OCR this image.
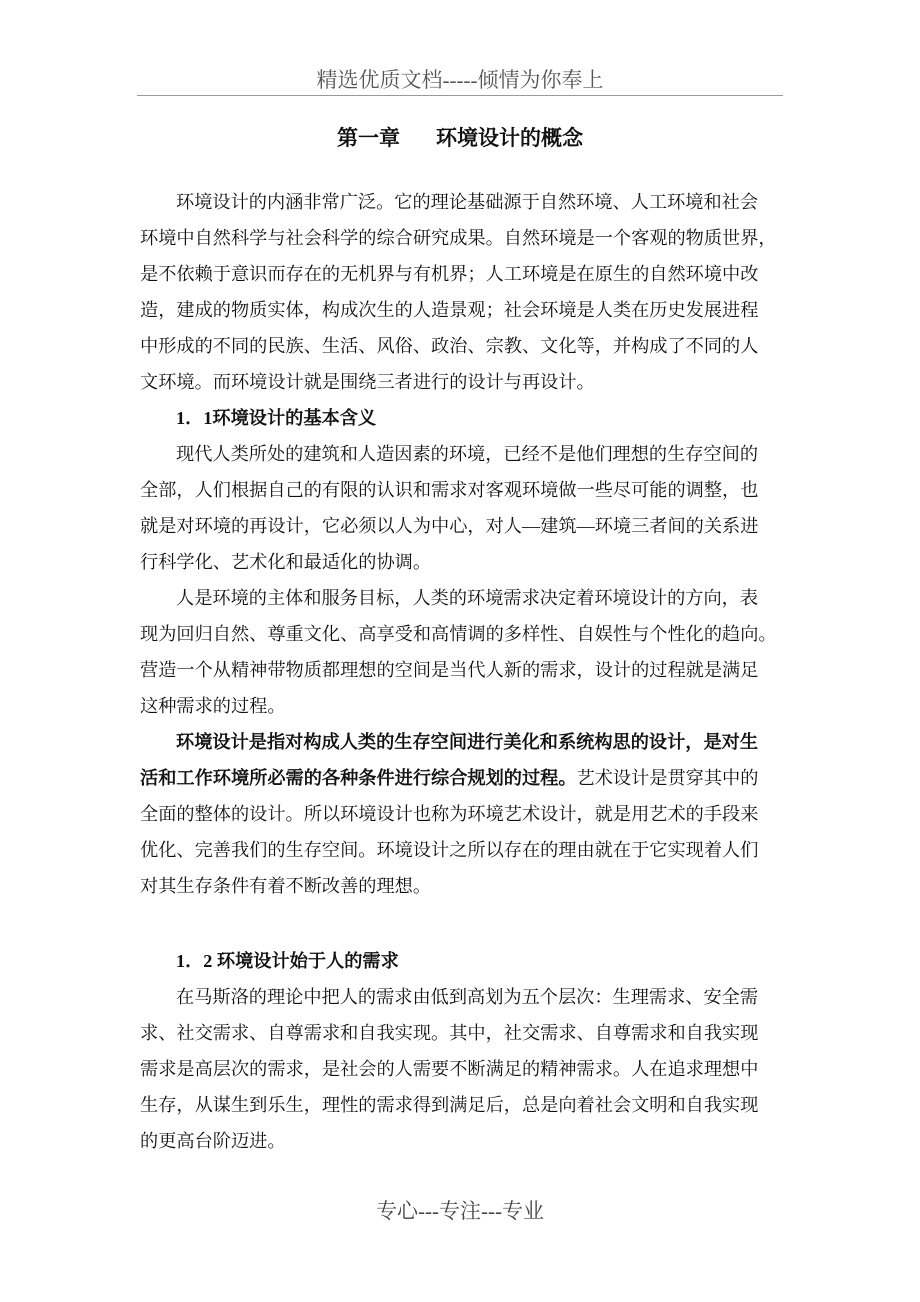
精选优质文档-----倾情为你奉上
第一章 环境设计的概念
环境设计的内涵非常广泛。它的理论基础源于自然环境、人工环境和社会
环境中自然科学与社会科学的综合研究成果。自然环境是一个客观的物质世界，
是不依赖于意识而存在的无机界与有机界；人工环境是在原生的自然环境中改
造，建成的物质实体，构成次生的人造景观；社会环境是人类在历史发展进程
中形成的不同的民族、生活、风俗、政治、宗教、文化等，并构成了不同的人
文环境。而环境设计就是围绕三者进行的设计与再设计。
1．1环境设计的基本含义
现代人类所处的建筑和人造因素的环境，已经不是他们理想的生存空间的
全部，人们根据自己的有限的认识和需求对客观环境做一些尽可能的调整，也
就是对环境的再设计，它必须以人为中心，对人—建筑—环境三者间的关系进
行科学化、艺术化和最适化的协调。
人是环境的主体和服务目标，人类的环境需求决定着环境设计的方向，表
现为回归自然、尊重文化、高享受和高情调的多样性、自娱性与个性化的趋向。
营造一个从精神带物质都理想的空间是当代人新的需求，设计的过程就是满足
这种需求的过程。
环境设计是指对构成人类的生存空间进行美化和系统构思的设计，是对生
活和工作环境所必需的各种条件进行综合规划的过程。艺术设计是贯穿其中的
全面的整体的设计。所以环境设计也称为环境艺术设计，就是用艺术的手段来
优化、完善我们的生存空间。环境设计之所以存在的理由就在于它实现着人们
对其生存条件有着不断改善的理想。
1．2 环境设计始于人的需求
在马斯洛的理论中把人的需求由低到高划为五个层次：生理需求、安全需
求、社交需求、自尊需求和自我实现。其中，社交需求、自尊需求和自我实现
需求是高层次的需求，是社会的人需要不断满足的精神需求。人在追求理想中
生存，从谋生到乐生，理性的需求得到满足后，总是向着社会文明和自我实现
的更高台阶迈进。
专心---专注---专业
